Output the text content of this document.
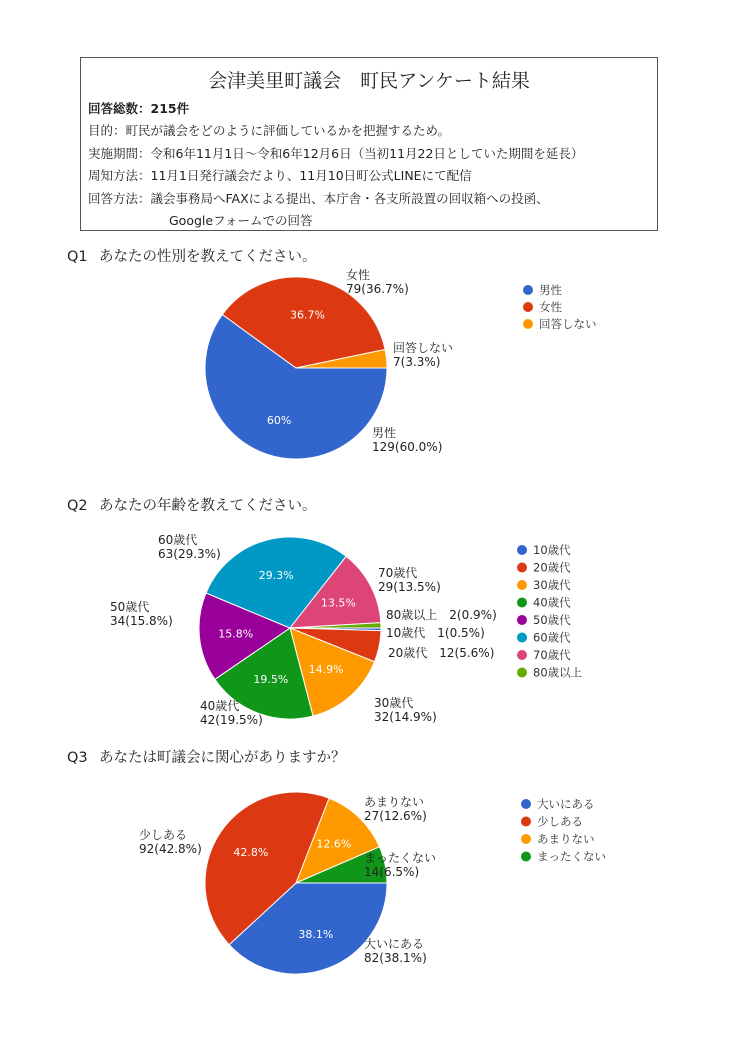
会津美里町議会　町民アンケート結果
回答総数：215件
目的：町民が議会をどのように評価しているかを把握するため。
実施期間：令和6年11月1日～令和6年12月6日（当初11月22日としていた期間を延長）
周知方法：11月1日発行議会だより、11月10日町公式LINEにて配信
回答方法：議会事務局へFAXによる提出、本庁舎・各支所設置の回収箱への投函、
Googleフォームでの回答
Q1 あなたの性別を教えてください。
60%
36.7%
男性 129(60.0%)
女性 79(36.7%)
回答しない 7(3.3%)
男性
女性
回答しない
Q2 あなたの年齢を教えてください。
14.9%
19.5%
15.8%
29.3%
13.5%
10歳代　1(0.5%)
20歳代　12(5.6%)
30歳代 32(14.9%)
40歳代 42(19.5%)
50歳代 34(15.8%)
60歳代 63(29.3%)
70歳代 29(13.5%)
80歳以上　2(0.9%)
10歳代
20歳代
30歳代
40歳代
50歳代
60歳代
70歳代
80歳以上
Q3 あなたは町議会に関心がありますか？
38.1%
42.8%
12.6%
大いにある 82(38.1%)
少しある 92(42.8%)
あまりない 27(12.6%)
まったくない 14(6.5%)
大いにある
少しある
あまりない
まったくない
